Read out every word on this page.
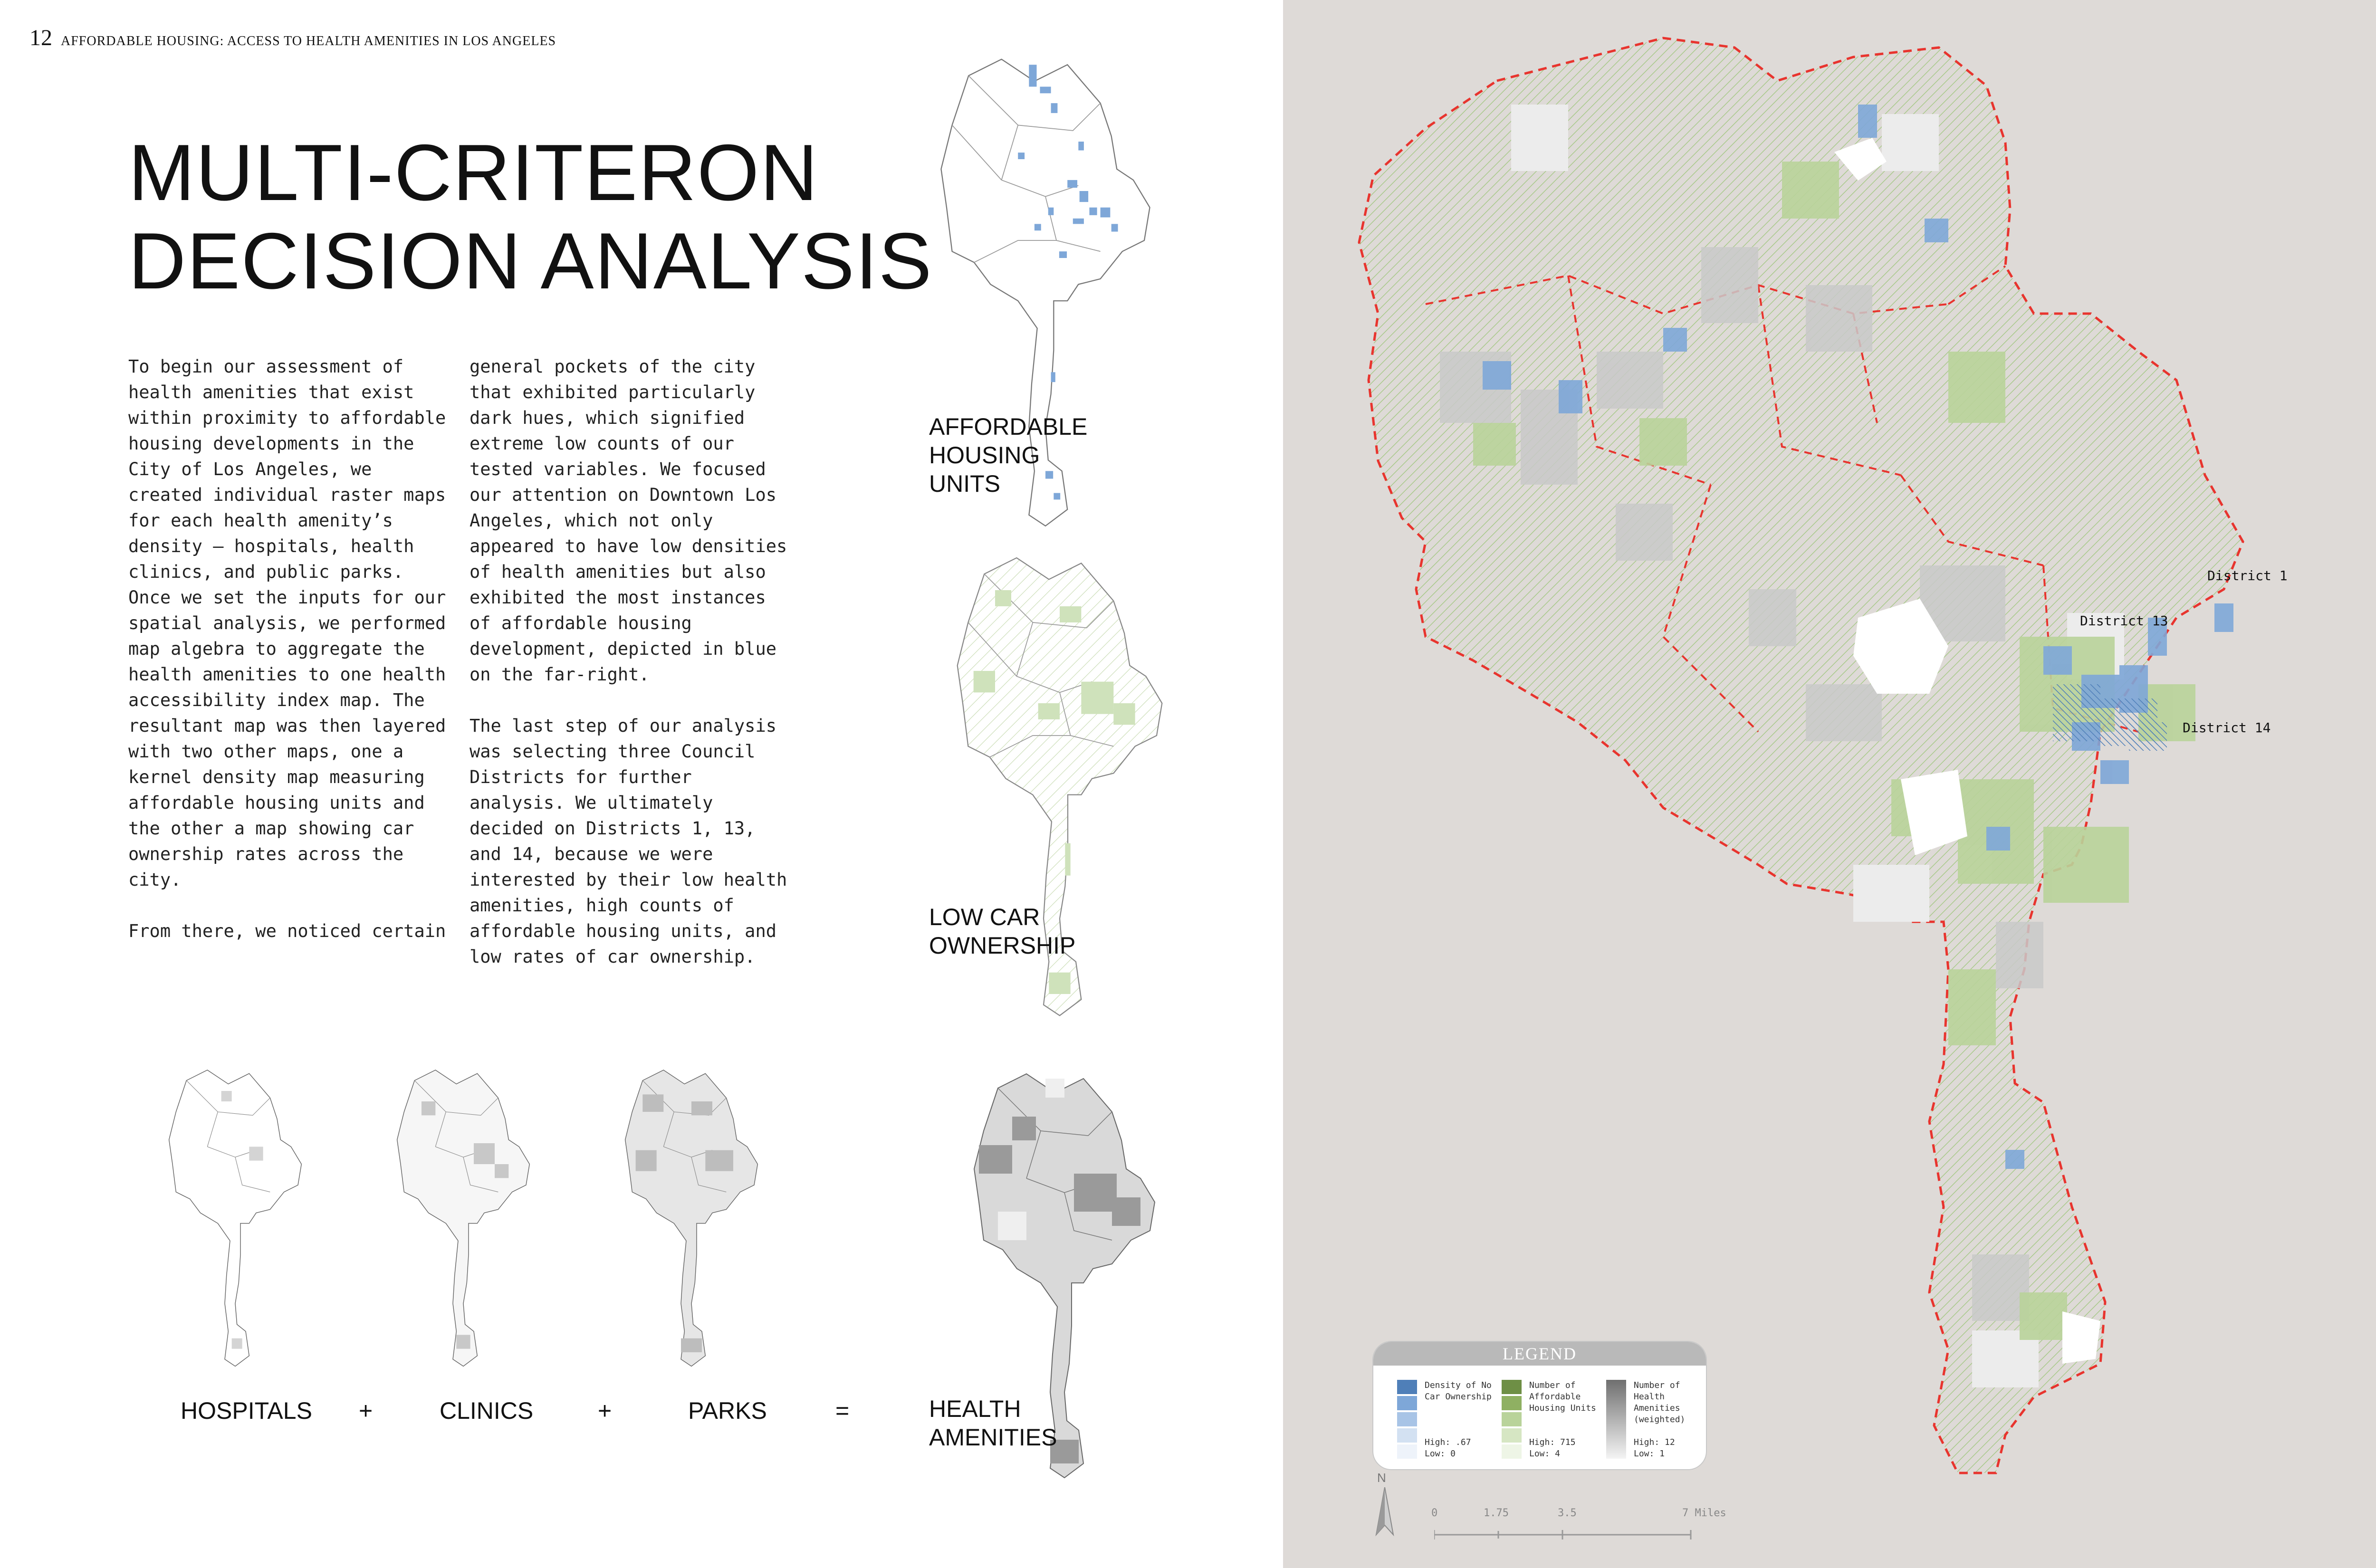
12 AFFORDABLE HOUSING: ACCESS TO HEALTH AMENITIES IN LOS ANGELES
MULTI-CRITERON
DECISION ANALYSIS

To begin our assessment of health amenities that exist within proximity to affordable housing developments in the City of Los Angeles, we created individual raster maps for each health amenity’s density – hospitals, health clinics, and public parks. Once we set the inputs for our spatial analysis, we performed map algebra to aggregate the health amenities to one health accessibility index map. The resultant map was then layered with two other maps, one a kernel density map measuring affordable housing units and the other a map showing car ownership rates across the city.

From there, we noticed certain

general pockets of the city that exhibited particularly dark hues, which signified extreme low counts of our tested variables. We focused our attention on Downtown Los Angeles, which not only appeared to have low densities of health amenities but also exhibited the most instances of affordable housing development, depicted in blue on the far-right.

The last step of our analysis was selecting three Council Districts for further analysis. We ultimately decided on Districts 1, 13, and 14, because we were interested by their low health amenities, high counts of affordable housing units, and low rates of car ownership.

AFFORDABLE
HOUSING
UNITS
LOW CAR
OWNERSHIP
HOSPITALS +	CLINICS	+	PARKS	=	HEALTH
AMENITIES
District 1
District 13
District 14
LEGEND
Density of No Car Ownership
High: .67
Low: 0
Number of Affordable Housing Units
High: 715
Low: 4
Number of Health Amenities (weighted)
High: 12
Low: 1
N
0	1.75	3.5	7 Miles
